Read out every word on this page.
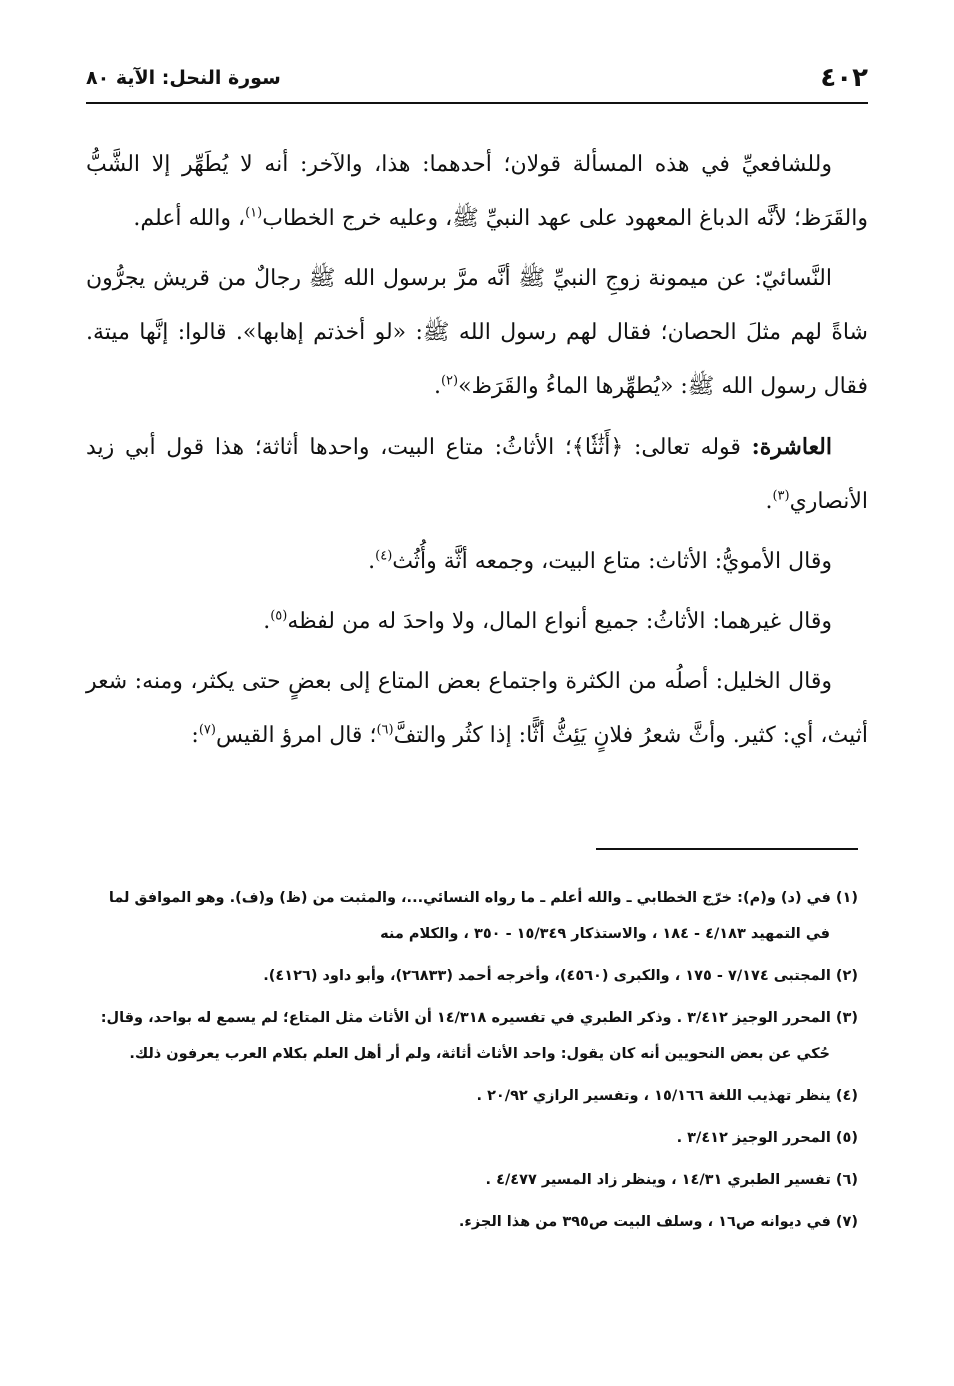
٤٠٢
سورة النحل: الآية ٨٠

وللشافعيِّ في هذه المسألة قولان؛ أحدهما: هذا، والآخر: أنه لا يُطَهِّر إلا الشَّبُّ والقَرَظ؛ لأنَّه الدباغ المعهود على عهد النبيِّ ﷺ، وعليه خرج الخطاب$^{(١)}$، والله أعلم.

النَّسائيّ: عن ميمونة زوجِ النبيِّ ﷺ أنَّه مرَّ برسول الله ﷺ رجالٌ من قريش يجرُّون شاةً لهم مثلَ الحصان؛ فقال لهم رسول الله ﷺ: «لو أخذتم إهابها». قالوا: إنَّها ميتة. فقال رسول الله ﷺ: «يُطهِّرها الماءُ والقَرَظ»$^{(٢)}$.

العاشرة: قوله تعالى: ﴿أَثَٰثٗا﴾؛ الأثاثُ: متاع البيت، واحدها أثاثة؛ هذا قول أبي زيد الأنصاري$^{(٣)}$.

وقال الأمويُّ: الأثاث: متاع البيت، وجمعه أثَّة وأُثُث$^{(٤)}$.

وقال غيرهما: الأثاثُ: جميع أنواع المال، ولا واحدَ له من لفظه$^{(٥)}$.

وقال الخليل: أصلُه من الكثرة واجتماع بعض المتاع إلى بعضٍ حتى يكثر، ومنه: شعر أثيث، أي: كثير. وأثَّ شعرُ فلانٍ يَئِثُّ أثًّا: إذا كثُر والتفَّ$^{(٦)}$؛ قال امرؤ القيس$^{(٧)}$:

(١) في (د) و(م): خرّج الخطابي ـ والله أعلم ـ ما رواه النسائي...، والمثبت من (ظ) و(ف). وهو الموافق لما في التمهيد ٤/١٨٣ - ١٨٤ ، والاستذكار ١٥/٣٤٩ - ٣٥٠ ، والكلام منه

(٢) المجتبى ٧/١٧٤ - ١٧٥ ، والكبرى (٤٥٦٠)، وأخرجه أحمد (٢٦٨٣٣)، وأبو داود (٤١٢٦).

(٣) المحرر الوجيز ٣/٤١٢ . وذكر الطبري في تفسيره ١٤/٣١٨ أن الأثاث مثل المتاع؛ لم يسمع له بواحد، وقال: حُكي عن بعض النحويين أنه كان يقول: واحد الأثاث أثاثة، ولم أر أهل العلم بكلام العرب يعرفون ذلك.

(٤) ينظر تهذيب اللغة ١٥/١٦٦ ، وتفسير الرازي ٢٠/٩٢ .

(٥) المحرر الوجيز ٣/٤١٢ .

(٦) تفسير الطبري ١٤/٣١ ، وينظر زاد المسير ٤/٤٧٧ .

(٧) في ديوانه ص١٦ ، وسلف البيت ص٣٩٥ من هذا الجزء.
